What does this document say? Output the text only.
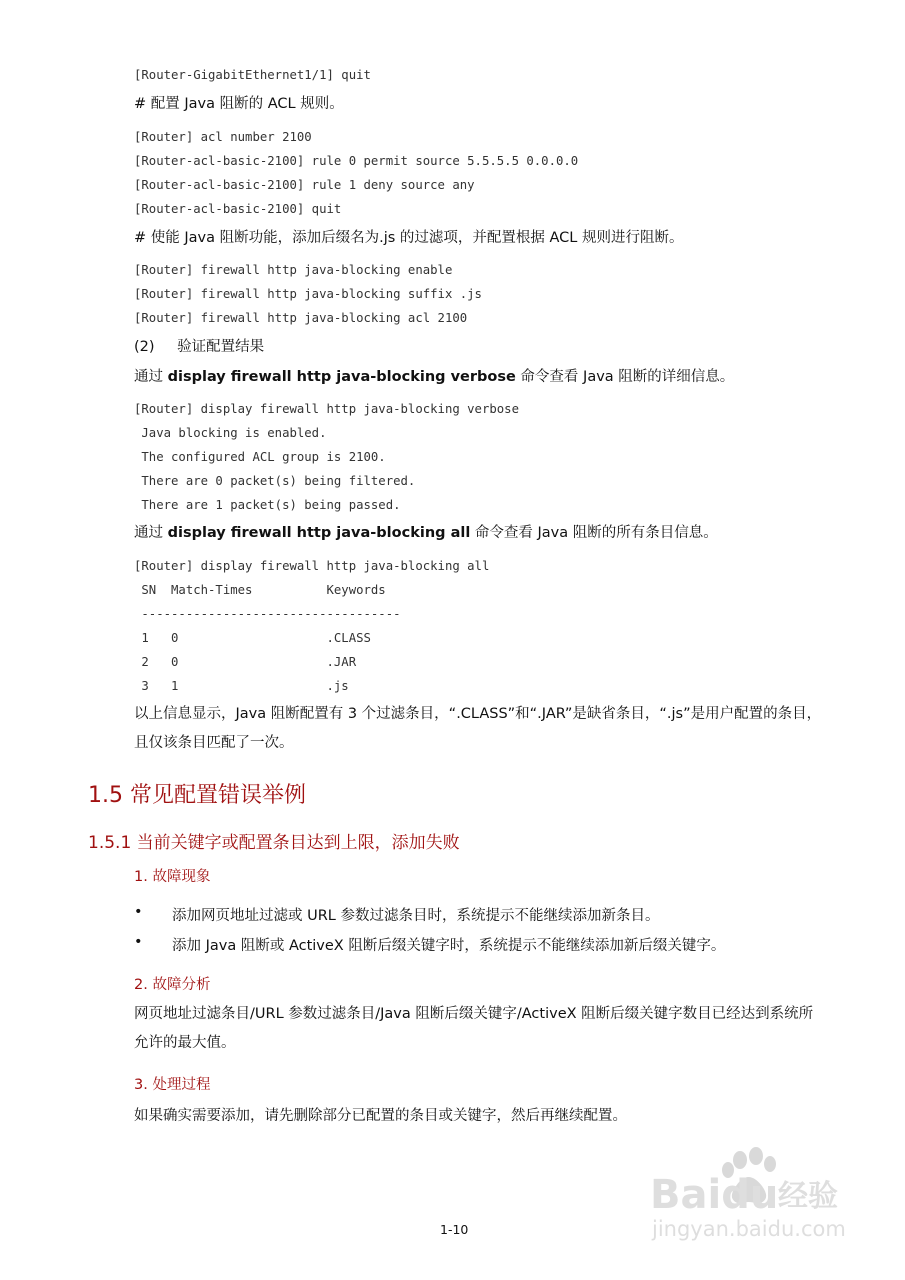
[Router-GigabitEthernet1/1] quit
# 配置 Java 阻断的 ACL 规则。
[Router] acl number 2100
[Router-acl-basic-2100] rule 0 permit source 5.5.5.5 0.0.0.0
[Router-acl-basic-2100] rule 1 deny source any
[Router-acl-basic-2100] quit
# 使能 Java 阻断功能，添加后缀名为.js 的过滤项，并配置根据 ACL 规则进行阻断。
[Router] firewall http java-blocking enable
[Router] firewall http java-blocking suffix .js
[Router] firewall http java-blocking acl 2100
(2) 验证配置结果
通过 display firewall http java-blocking verbose 命令查看 Java 阻断的详细信息。
[Router] display firewall http java-blocking verbose
Java blocking is enabled.
The configured ACL group is 2100.
There are 0 packet(s) being filtered.
There are 1 packet(s) being passed.
通过 display firewall http java-blocking all 命令查看 Java 阻断的所有条目信息。
[Router] display firewall http java-blocking all
SN  Match-Times          Keywords
-----------------------------------
1   0                    .CLASS
2   0                    .JAR
3   1                    .js
以上信息显示，Java 阻断配置有 3 个过滤条目，“.CLASS”和“.JAR”是缺省条目，“.js”是用户配置的条目，且仅该条目匹配了一次。
1.5 常见配置错误举例
1.5.1 当前关键字或配置条目达到上限，添加失败
1. 故障现象
• 添加网页地址过滤或 URL 参数过滤条目时，系统提示不能继续添加新条目。
• 添加 Java 阻断或 ActiveX 阻断后缀关键字时，系统提示不能继续添加新后缀关键字。
2. 故障分析
网页地址过滤条目/URL 参数过滤条目/Java 阻断后缀关键字/ActiveX 阻断后缀关键字数目已经达到系统所允许的最大值。
3. 处理过程
如果确实需要添加，请先删除部分已配置的条目或关键字，然后再继续配置。
1-10
Baidu 经验
jingyan.baidu.com
